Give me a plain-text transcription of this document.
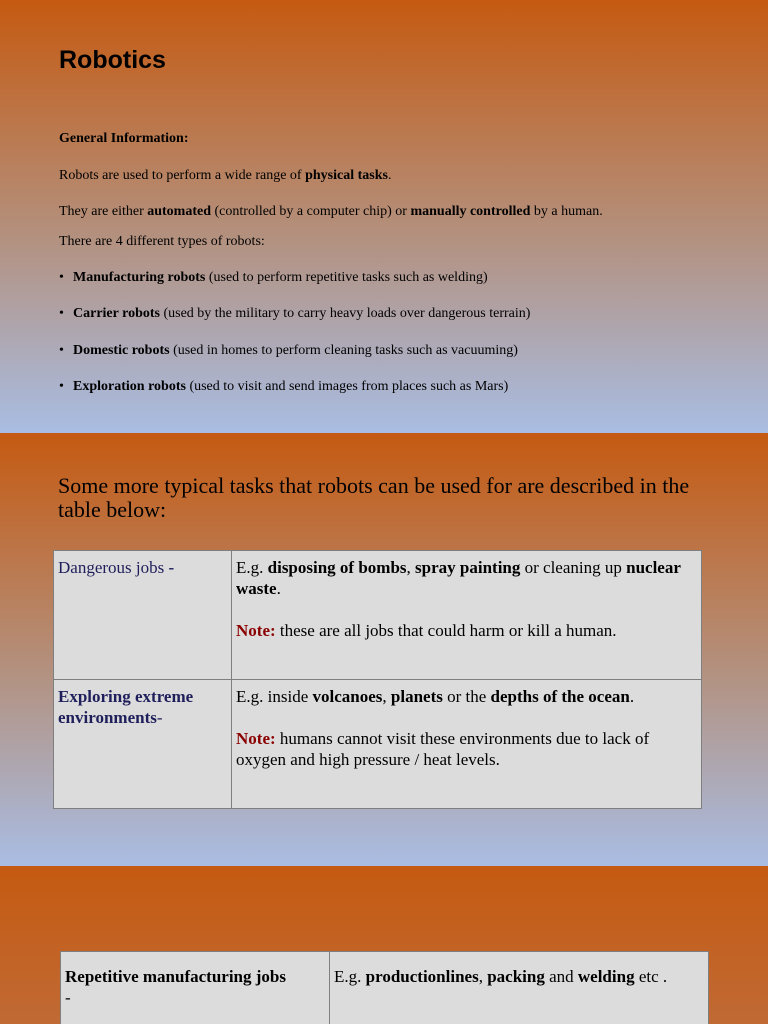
Robotics

General Information:

Robots are used to perform a wide range of physical tasks.

They are either automated (controlled by a computer chip) or manually controlled by a human.

There are 4 different types of robots:

• Manufacturing robots (used to perform repetitive tasks such as welding)
• Carrier robots (used by the military to carry heavy loads over dangerous terrain)
• Domestic robots (used in homes to perform cleaning tasks such as vacuuming)
• Exploration robots (used to visit and send images from places such as Mars)

Some more typical tasks that robots can be used for are described in the table below:

Dangerous jobs -	E.g. disposing of bombs, spray painting or cleaning up nuclear waste.
Note: these are all jobs that could harm or kill a human.
Exploring extreme environments-	E.g. inside volcanoes, planets or the depths of the ocean.
Note: humans cannot visit these environments due to lack of oxygen and high pressure / heat levels.
Repetitive manufacturing jobs
-	E.g. productionlines, packing and welding etc .
